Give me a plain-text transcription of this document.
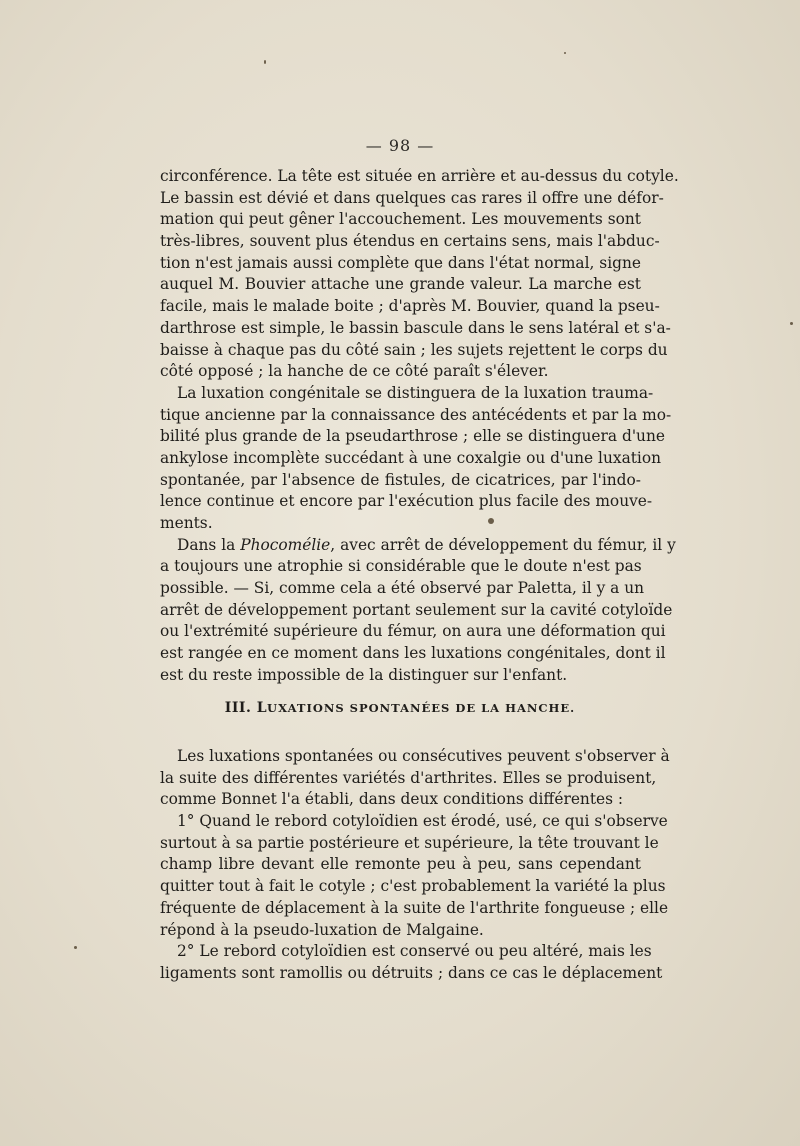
— 98 —
circonférence. La tête est située en arrière et au-dessus du cotyle.
Le bassin est dévié et dans quelques cas rares il offre une défor-
mation qui peut gêner l'accouchement. Les mouvements sont
très-libres, souvent plus étendus en certains sens, mais l'abduc-
tion n'est jamais aussi complète que dans l'état normal, signe
auquel M. Bouvier attache une grande valeur. La marche est
facile, mais le malade boite ; d'après M. Bouvier, quand la pseu-
darthrose est simple, le bassin bascule dans le sens latéral et s'a-
baisse à chaque pas du côté sain ; les sujets rejettent le corps du
côté opposé ; la hanche de ce côté paraît s'élever.
La luxation congénitale se distinguera de la luxation trauma-
tique ancienne par la connaissance des antécédents et par la mo-
bilité plus grande de la pseudarthrose ; elle se distinguera d'une
ankylose incomplète succédant à une coxalgie ou d'une luxation
spontanée, par l'absence de fistules, de cicatrices, par l'indo-
lence continue et encore par l'exécution plus facile des mouve-
ments.
Dans la Phocomélie, avec arrêt de développement du fémur, il y
a toujours une atrophie si considérable que le doute n'est pas
possible. — Si, comme cela a été observé par Paletta, il y a un
arrêt de développement portant seulement sur la cavité cotyloïde
ou l'extrémité supérieure du fémur, on aura une déformation qui
est rangée en ce moment dans les luxations congénitales, dont il
est du reste impossible de la distinguer sur l'enfant.
III. LUXATIONS SPONTANÉES DE LA HANCHE.
Les luxations spontanées ou consécutives peuvent s'observer à
la suite des différentes variétés d'arthrites. Elles se produisent,
comme Bonnet l'a établi, dans deux conditions différentes :
1° Quand le rebord cotyloïdien est érodé, usé, ce qui s'observe
surtout à sa partie postérieure et supérieure, la tête trouvant le
champ libre devant elle remonte peu à peu, sans cependant
quitter tout à fait le cotyle ; c'est probablement la variété la plus
fréquente de déplacement à la suite de l'arthrite fongueuse ; elle
répond à la pseudo-luxation de Malgaine.
2° Le rebord cotyloïdien est conservé ou peu altéré, mais les
ligaments sont ramollis ou détruits ; dans ce cas le déplacement
